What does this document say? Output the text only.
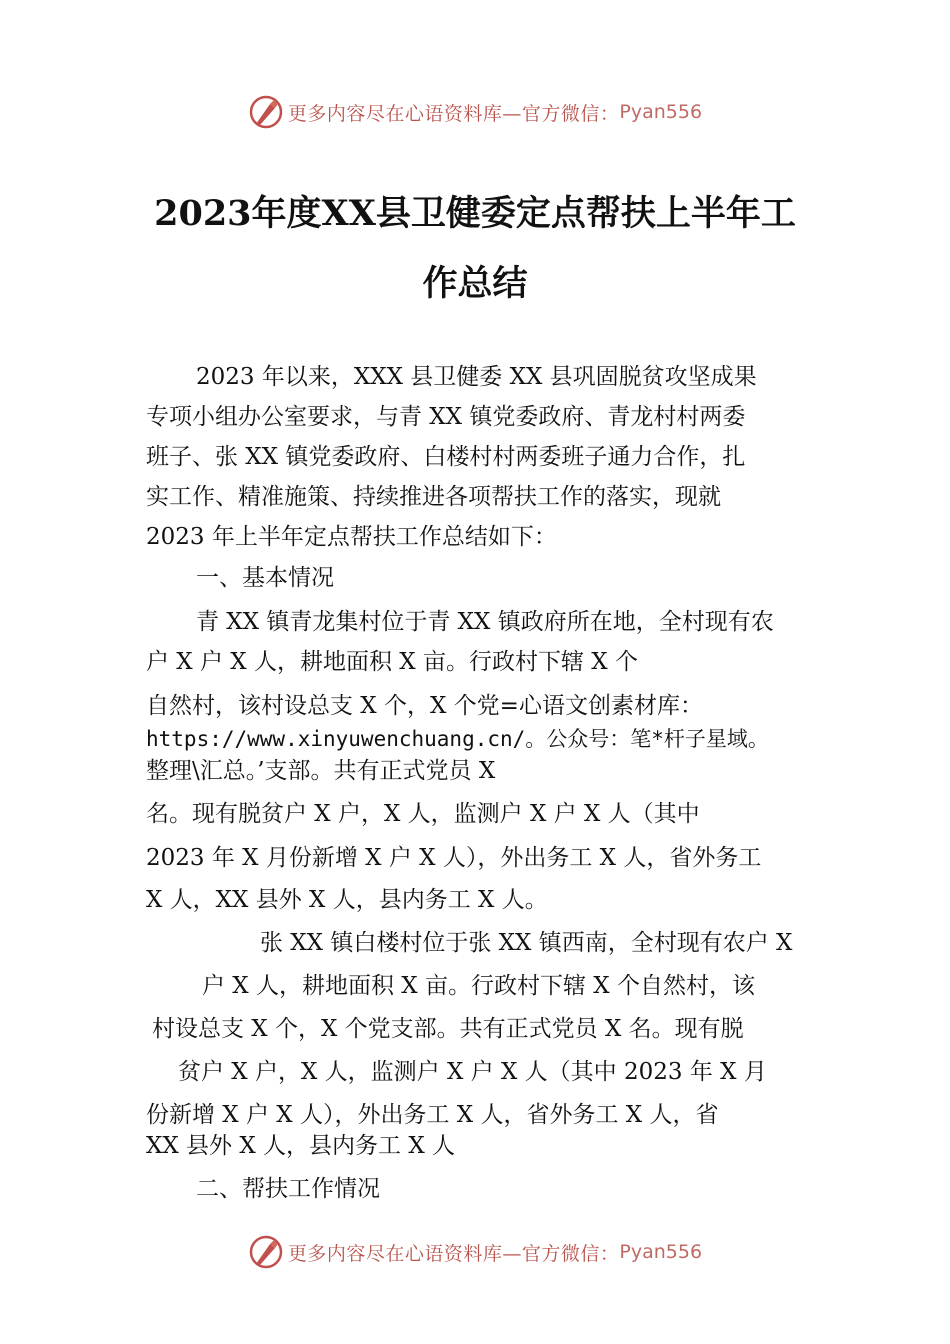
更多内容尽在心语资料库—官方微信： Pyan556
2023年度XX县卫健委定点帮扶上半年工
作总结

2023 年以来，XXX 县卫健委 XX 县巩固脱贫攻坚成果

专项小组办公室要求，与青 XX 镇党委政府、青龙村村两委

班子、张 XX 镇党委政府、白楼村村两委班子通力合作，扎

实工作、精准施策、持续推进各项帮扶工作的落实，现就

2023 年上半年定点帮扶工作总结如下：

一、基本情况

青 XX 镇青龙集村位于青 XX 镇政府所在地，全村现有农

户 X 户 X 人，耕地面积 X 亩。行政村下辖 X 个

自然村，该村设总支 X 个，X 个党=心语文创素材库：

https://www.xinyuwenchuang.cn/。公众号：笔*杆子星域。

整理\汇总。’支部。共有正式党员 X

名。现有脱贫户 X 户，X 人，监测户 X 户 X 人（其中

2023 年 X 月份新增 X 户 X 人），外出务工 X 人，省外务工

X 人，XX 县外 X 人，县内务工 X 人。

张 XX 镇白楼村位于张 XX 镇西南，全村现有农户 X

户 X 人，耕地面积 X 亩。行政村下辖 X 个自然村，该

村设总支 X 个，X 个党支部。共有正式党员 X 名。现有脱

贫户 X 户，X 人，监测户 X 户 X 人（其中 2023 年 X 月

份新增 X 户 X 人），外出务工 X 人，省外务工 X 人，省

XX 县外 X 人，县内务工 X 人

二、帮扶工作情况

更多内容尽在心语资料库—官方微信： Pyan556
